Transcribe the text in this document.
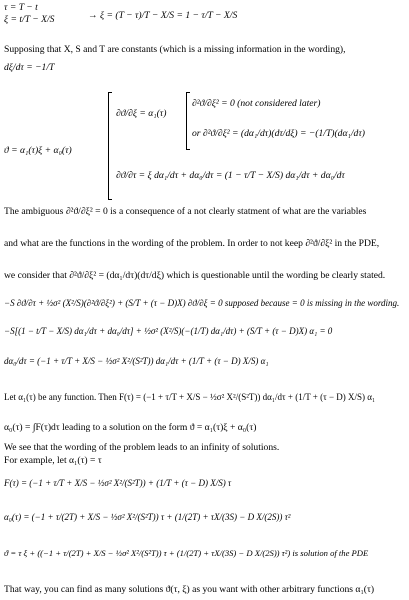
τ = T − t
ξ = t/T − X/S	→ ξ = (T − τ)/T − X/S = 1 − τ/T − X/S
Supposing that X, S and T are constants (which is a missing information in the wording),
dξ/dτ = −1/T
ϑ = α₁(τ)ξ + α₀(τ)
∂ϑ/∂ξ = α₁(τ)
∂²ϑ/∂ξ² = 0 (not considered later)
or ∂²ϑ/∂ξ² = (dα₁/dτ)(dτ/dξ) = −(1/T)(dα₁/dτ)
∂ϑ/∂τ = ξ dα₁/dτ + dα₀/dτ = (1 − τ/T − X/S) dα₁/dτ + dα₀/dτ
The ambiguous ∂²ϑ/∂ξ² = 0 is a consequence of a not clearly statment of what are the variables
and what are the functions in the wording of the problem. In order to not keep ∂²ϑ/∂ξ² in the PDE,
we consider that ∂²ϑ/∂ξ² = (dα₁/dτ)(dτ/dξ) which is questionable until the wording be clearly stated.
−S ∂ϑ/∂τ + ½σ² (X²/S)(∂²ϑ/∂ξ²) + (S/T + (τ − D)X) ∂ϑ/∂ξ = 0 supposed because = 0 is missing in the wording.
−S[(1 − t/T − X/S) dα₁/dτ + dα₀/dτ] + ½σ² (X²/S)(−(1/T) dα₁/dτ) + (S/T + (τ − D)X) α₁ = 0
dα₀/dτ = (−1 + τ/T + X/S − ½σ² X²/(S²T)) dα₁/dτ + (1/T + (τ − D) X/S) α₁
Let α₁(τ) be any function. Then F(τ) = (−1 + τ/T + X/S − ½σ² X²/(S²T)) dα₁/dτ + (1/T + (τ − D) X/S) α₁
α₀(τ) = ∫F(τ)dτ leading to a solution on the form ϑ = α₁(τ)ξ + α₀(τ)
We see that the wording of the problem leads to an infinity of solutions.
For example, let α₁(τ) = τ
F(τ) = (−1 + τ/T + X/S − ½σ² X²/(S²T)) + (1/T + (τ − D) X/S) τ
α₀(τ) = (−1 + τ/(2T) + X/S − ½σ² X²/(S²T)) τ + (1/(2T) + τX/(3S) − D X/(2S)) τ²
ϑ = τ ξ + ((−1 + τ/(2T) + X/S − ½σ² X²/(S²T)) τ + (1/(2T) + τX/(3S) − D X/(2S)) τ²) is solution of the PDE
That way, you can find as many solutions ϑ(τ, ξ) as you want with other arbitrary functions α₁(τ)
